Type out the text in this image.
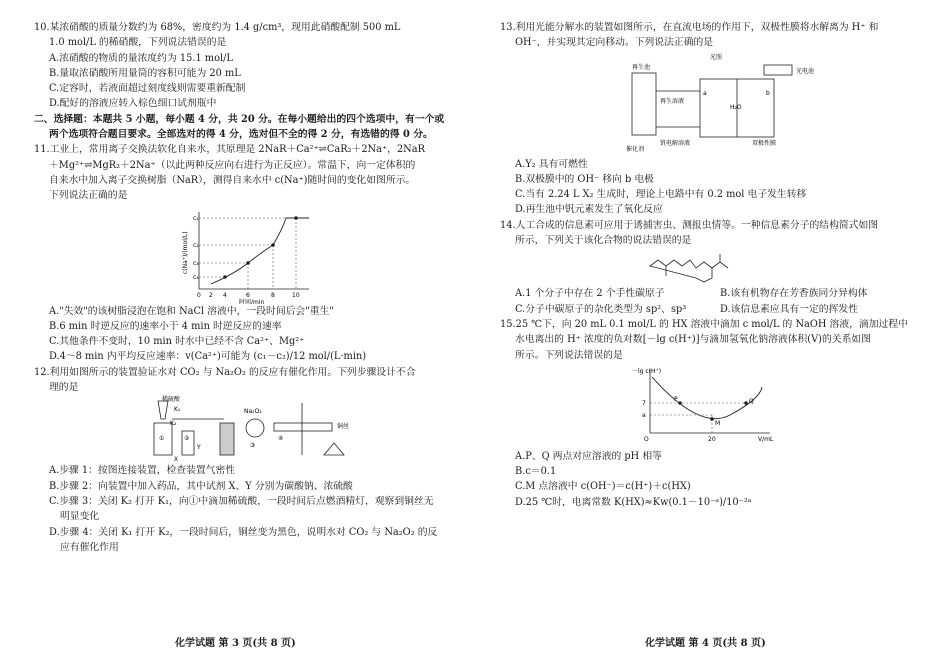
10.某浓硝酸的质量分数约为 68%，密度约为 1.4 g/cm³，现用此硝酸配制 500 mL

1.0 mol/L 的稀硝酸，下列说法错误的是

A.浓硝酸的物质的量浓度约为 15.1 mol/L

B.量取浓硝酸所用量筒的容积可能为 20 mL

C.定容时，若液面超过刻度线则需要重新配制

D.配好的溶液应转入棕色细口试剂瓶中

二、选择题：本题共 5 小题，每小题 4 分，共 20 分。在每小题给出的四个选项中，有一个或

两个选项符合题目要求。全部选对的得 4 分，选对但不全的得 2 分，有选错的得 0 分。

11.工业上，常用离子交换法软化自来水，其原理是 2NaR＋Ca²⁺⇌CaR₂＋2Na⁺，2NaR

＋Mg²⁺⇌MgR₂＋2Na⁺（以此两种反应向右进行为正反应）。常温下，向一定体积的

自来水中加入离子交换树脂（NaR），测得自来水中 c(Na⁺)随时间的变化如图所示。

下列说法正确的是

c₁
c₂
c₃
c₄
0 2 4	6	8	10
时间/min
c(Na⁺)/(mol/L)

A."失效"的该树脂浸泡在饱和 NaCl 溶液中，一段时间后会"重生"

B.6 min 时逆反应的速率小于 4 min 时逆反应的速率

C.其他条件不变时，10 min 时水中已经不含 Ca²⁺、Mg²⁺

D.4～8 min 内平均反应速率：v(Ca²⁺)可能为 (c₁－c₂)/12 mol/(L·min)

12.利用如图所示的装置验证水对 CO₂ 与 Na₂O₂ 的反应有催化作用。下列步骤设计不合

理的是

稀硫酸
K₁
K₂
Na₂O₂
X
Y
①	②
③
④
铜丝

A.步骤 1：按图连接装置，检查装置气密性

B.步骤 2：向装置中加入药品，其中试剂 X、Y 分别为碳酸钠、浓硫酸

C.步骤 3：关闭 K₂ 打开 K₁，向①中滴加稀硫酸，一段时间后点燃酒精灯，观察到铜丝无

明显变化

D.步骤 4：关闭 K₁ 打开 K₂，一段时间后，铜丝变为黑色，说明水对 CO₂ 与 Na₂O₂ 的反

应有催化作用

化学试题 第 3 页(共 8 页)

13.利用光能分解水的装置如图所示，在直流电场的作用下，双极性膜将水解离为 H⁺ 和

OH⁻，并实现其定向移动。下列说法正确的是

光照
再生池
光电池
再生溶液
a	b
H₂O
催化剂
钒电解溶液	双极性膜

A.Y₂ 具有可燃性

B.双极膜中的 OH⁻ 移向 b 电极

C.当有 2.24 L X₂ 生成时，理论上电路中有 0.2 mol 电子发生转移

D.再生池中钒元素发生了氧化反应

14.人工合成的信息素可应用于诱捕害虫、测报虫情等。一种信息素分子的结构简式如图

所示，下列关于该化合物的说法错误的是

A.1 个分子中存在 2 个手性碳原子	B.该有机物存在芳香族同分异构体

C.分子中碳原子的杂化类型为 sp²、sp³	D.该信息素应具有一定的挥发性

15.25 ℃下，向 20 mL 0.1 mol/L 的 HX 溶液中滴加 c mol/L 的 NaOH 溶液，滴加过程中

水电离出的 H⁺ 浓度的负对数[－lg c(H⁺)]与滴加氢氧化钠溶液体积(V)的关系如图

所示。下列说法错误的是

－lg c(H⁺)
7
a
20
O	V/mL
P
M
Q

A.P、Q 两点对应溶液的 pH 相等

B.c＝0.1

C.M 点溶液中 c(OH⁻)＝c(H⁺)＋c(HX)

D.25 ℃时，电离常数 K(HX)≈Kw(0.1－10⁻ᵃ)/10⁻²ᵃ

化学试题 第 4 页(共 8 页)
